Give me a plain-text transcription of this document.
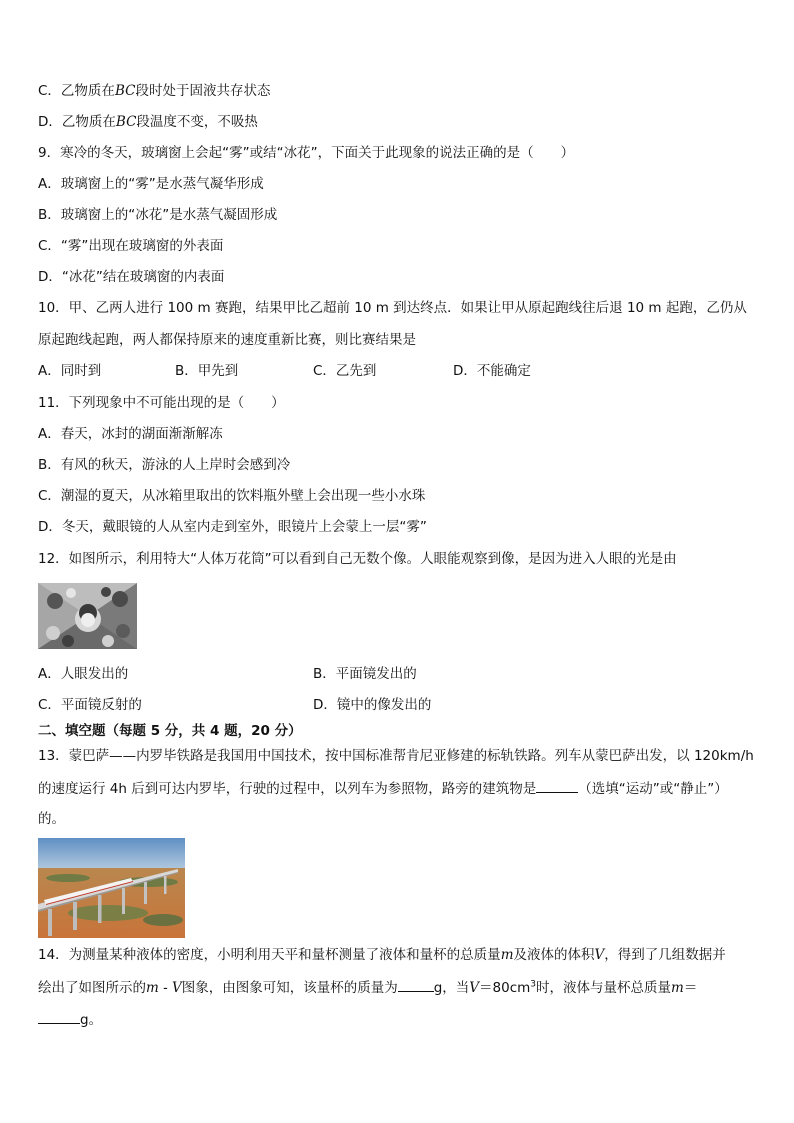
C．乙物质在BC段时处于固液共存状态
D．乙物质在BC段温度不变，不吸热
9．寒冷的冬天，玻璃窗上会起“雾”或结“冰花”，下面关于此现象的说法正确的是（　　）
A．玻璃窗上的“雾”是水蒸气凝华形成
B．玻璃窗上的“冰花”是水蒸气凝固形成
C．“雾”出现在玻璃窗的外表面
D．“冰花”结在玻璃窗的内表面
10．甲、乙两人进行 100 m 赛跑，结果甲比乙超前 10 m 到达终点．如果让甲从原起跑线往后退 10 m 起跑，乙仍从
原起跑线起跑，两人都保持原来的速度重新比赛，则比赛结果是
A．同时到	B．甲先到	C．乙先到	D．不能确定
11．下列现象中不可能出现的是（　　）
A．春天，冰封的湖面渐渐解冻
B．有风的秋天，游泳的人上岸时会感到冷
C．潮湿的夏天，从冰箱里取出的饮料瓶外壁上会出现一些小水珠
D．冬天，戴眼镜的人从室内走到室外，眼镜片上会蒙上一层“雾”
12．如图所示，利用特大“人体万花筒”可以看到自己无数个像。人眼能观察到像，是因为进入人眼的光是由
A．人眼发出的	B．平面镜发出的
C．平面镜反射的	D．镜中的像发出的
二、填空题（每题 5 分，共 4 题，20 分）
13．蒙巴萨——内罗毕铁路是我国用中国技术，按中国标准帮肯尼亚修建的标轨铁路。列车从蒙巴萨出发，以 120km/h
的速度运行 4h 后到可达内罗毕，行驶的过程中，以列车为参照物，路旁的建筑物是	（选填“运动”或“静止”）
的。
14．为测量某种液体的密度，小明利用天平和量杯测量了液体和量杯的总质量m及液体的体积V，得到了几组数据并
绘出了如图所示的m - V图象，由图象可知，该量杯的质量为	g，当$V=80cm^3$时，液体与量杯总质量m＝
g。
